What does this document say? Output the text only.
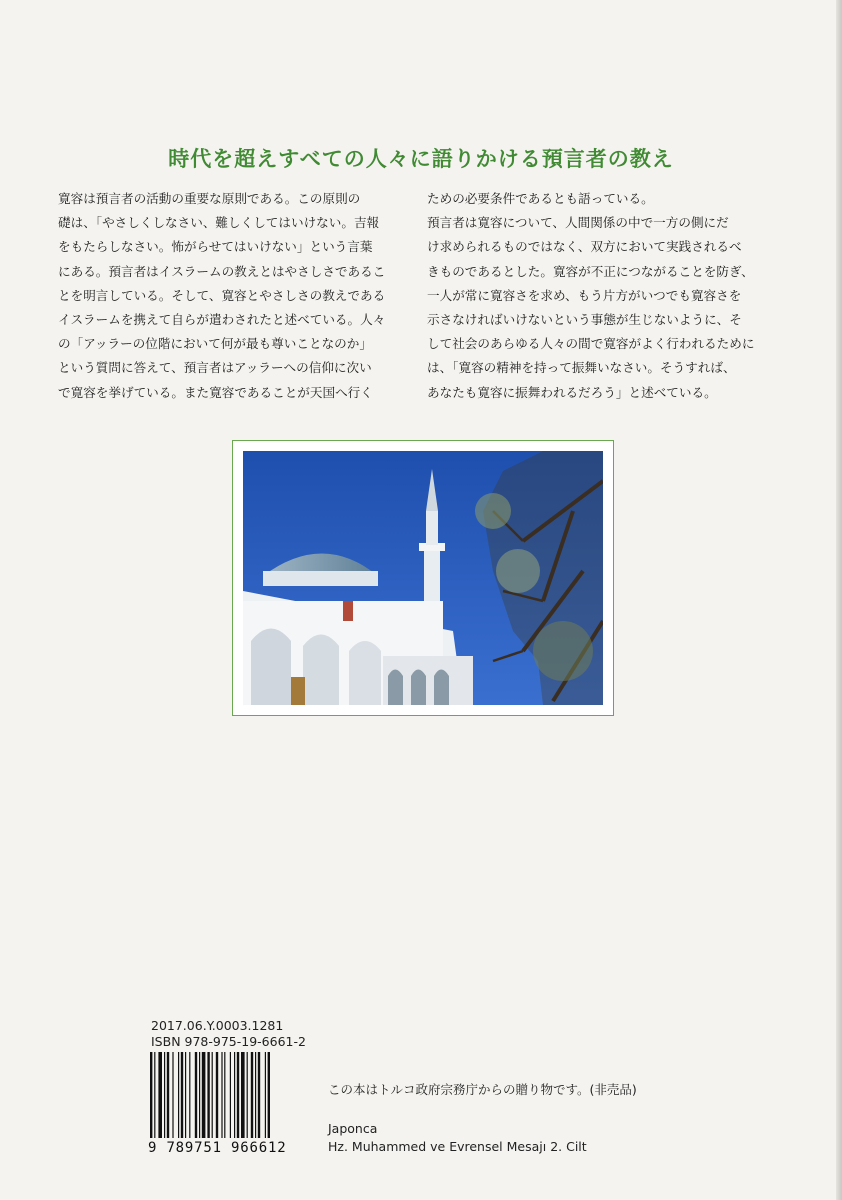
時代を超えすべての人々に語りかける預言者の教え
寛容は預言者の活動の重要な原則である。この原則の
礎は、「やさしくしなさい、難しくしてはいけない。吉報
をもたらしなさい。怖がらせてはいけない」という言葉
にある。預言者はイスラームの教えとはやさしさであるこ
とを明言している。そして、寛容とやさしさの教えである
イスラームを携えて自らが遣わされたと述べている。人々
の「アッラーの位階において何が最も尊いことなのか」
という質問に答えて、預言者はアッラーへの信仰に次い
で寛容を挙げている。また寛容であることが天国へ行く
ための必要条件であるとも語っている。
預言者は寛容について、人間関係の中で一方の側にだ
け求められるものではなく、双方において実践されるべ
きものであるとした。寛容が不正につながることを防ぎ、
一人が常に寛容さを求め、もう片方がいつでも寛容さを
示さなければいけないという事態が生じないように、そ
して社会のあらゆる人々の間で寛容がよく行われるために
は、「寛容の精神を持って振舞いなさい。そうすれば、
あなたも寛容に振舞われるだろう」と述べている。
2017.06.Y.0003.1281
ISBN 978-975-19-6661-2
9 789751 966612
この本はトルコ政府宗務庁からの贈り物です。(非売品)
Japonca
Hz. Muhammed ve Evrensel Mesajı 2. Cilt
